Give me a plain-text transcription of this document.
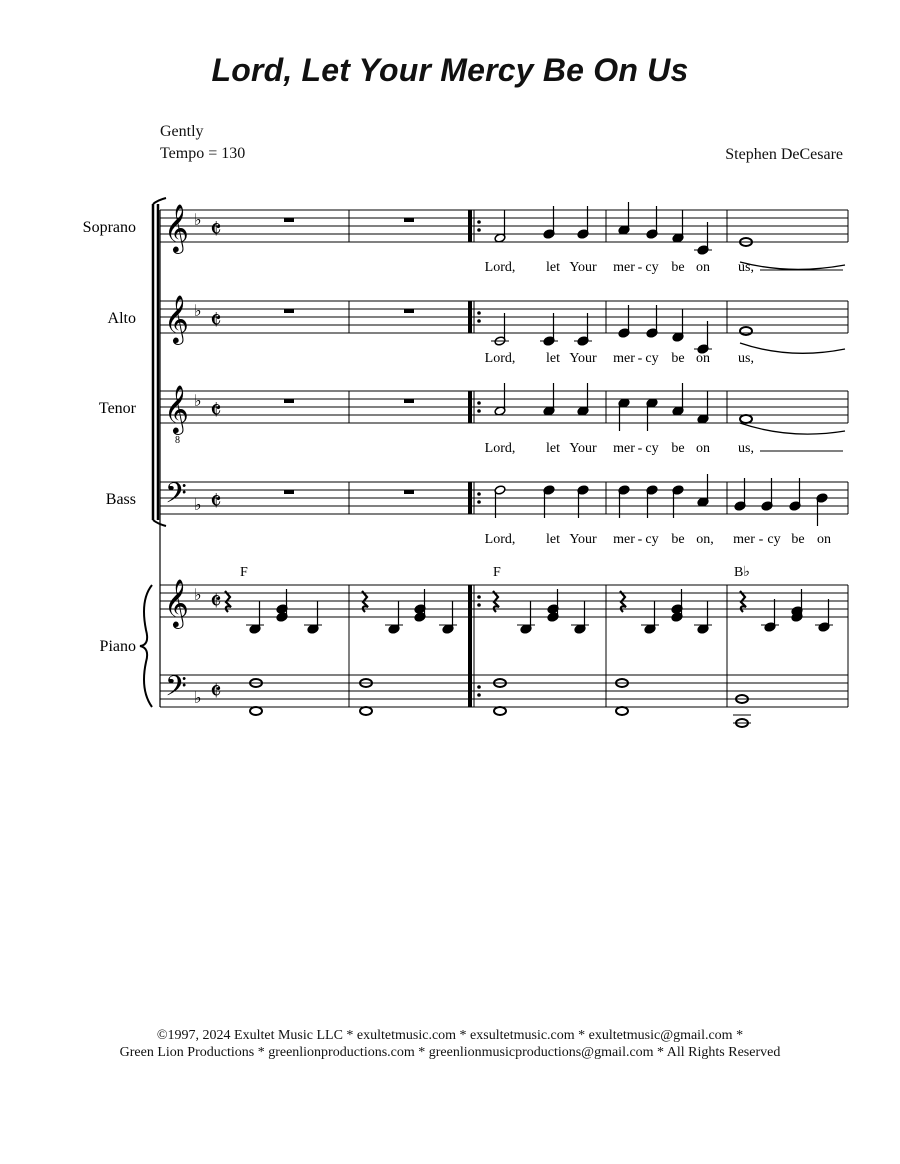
Lord, Let Your Mercy Be On Us
Gently
Tempo = 130	Stephen DeCesare
𝄞 ♭
𝄞 ♭
𝄞 ♭
8
𝄢 ♭
𝄞 ♭
𝄢 ♭
Soprano
Alto
Tenor
Bass
Piano
𝄵
𝄵
𝄵
𝄵
𝄵
𝄵
F	F	B♭
Lord, let Your mer - cy be on us,
Lord, let Your mer - cy be on us,
Lord, let Your mer - cy be on us,
Lord, let Your mer - cy be on, mer - cy be on
©1997, 2024 Exultet Music LLC * exultetmusic.com * exsultetmusic.com * exultetmusic@gmail.com *
Green Lion Productions * greenlionproductions.com * greenlionmusicproductions@gmail.com * All Rights Reserved
